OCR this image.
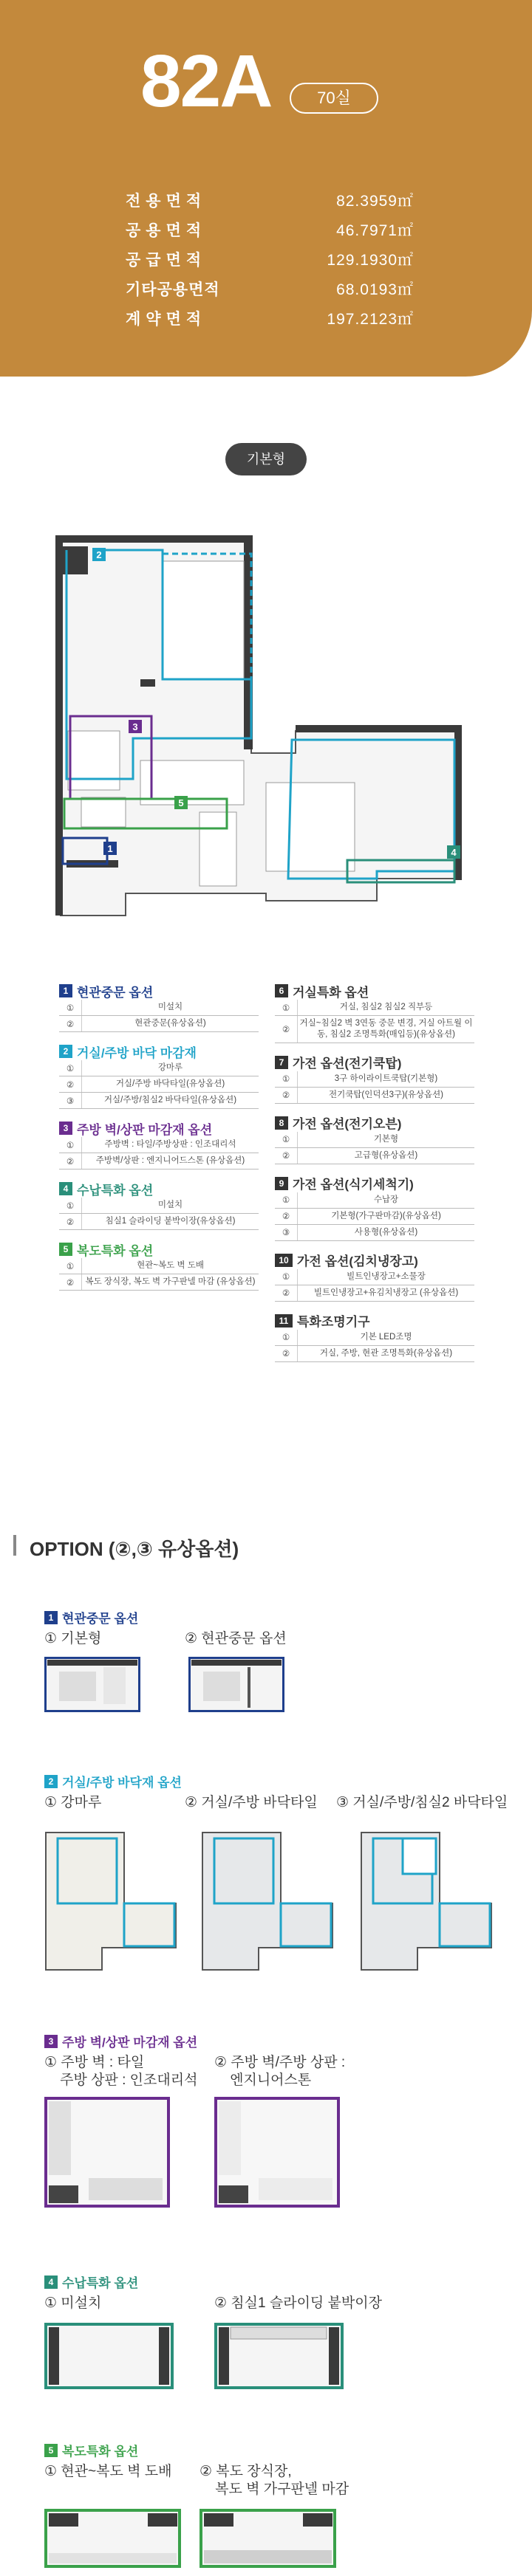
82A	70실
전용면적	82.3959㎡
공용면적	46.7971㎡
공급면적	129.1930㎡
기타공용면적	68.0193㎡
계약면적	197.2123㎡
기본형
2
3
5
1	4
1 현관중문 옵션
①	미설치
②	현관중문(유상옵션)
2 거실/주방 바닥 마감재
①	강마루
②	거실/주방 바닥타일(유상옵션)
③	거실/주방/침실2 바닥타일(유상옵션)
3 주방 벽/상판 마감재 옵션
①	주방벽 : 타일/주방상판 : 인조대리석
②	주방벽/상판 : 엔지니어드스톤 (유상옵션)
4 수납특화 옵션
①	미설치
②	침실1 슬라이딩 붙박이장(유상옵션)
5 복도특화 옵션
①	현관~복도 벽 도배
②	복도 장식장, 복도 벽 가구판넬 마감 (유상옵션)
6 거실특화 옵션
①	거실, 침실2 침실2 직부등
②
거실~침실2 벽 3연동 중문 변경, 거실 아트월 이동, 침실2 조명특화(매입등)(유상옵션)
7 가전 옵션(전기쿡탑)
①	3구 하이라이트쿡탑(기본형)
②	전기쿡탑(인덕션3구)(유상옵션)
8 가전 옵션(전기오븐)
①	기본형
②	고급형(유상옵션)
9 가전 옵션(식기세척기)
①	수납장
②	기본형(가구판마감)(유상옵션)
③	사용형(유상옵션)
10 가전 옵션(김치냉장고)
①	빌트인냉장고+소물장
②	빌트인냉장고+유김치냉장고 (유상옵션)
11 특화조명기구
①	기본 LED조명
②	거실, 주방, 현관 조명특화(유상옵션)
OPTION (②,③ 유상옵션)
1 현관중문 옵션
① 기본형	② 현관중문 옵션
2 거실/주방 바닥재 옵션
① 강마루	② 거실/주방 바닥타일 ③ 거실/주방/침실2 바닥타일
3 주방 벽/상판 마감재 옵션
① 주방 벽 : 타일
주방 상판 : 인조대리석
② 주방 벽/주방 상판 :
엔지니어스톤
4 수납특화 옵션
① 미설치	② 침실1 슬라이딩 붙박이장
5 복도특화 옵션
① 현관~복도 벽 도배 ② 복도 장식장,
복도 벽 가구판넬 마감
